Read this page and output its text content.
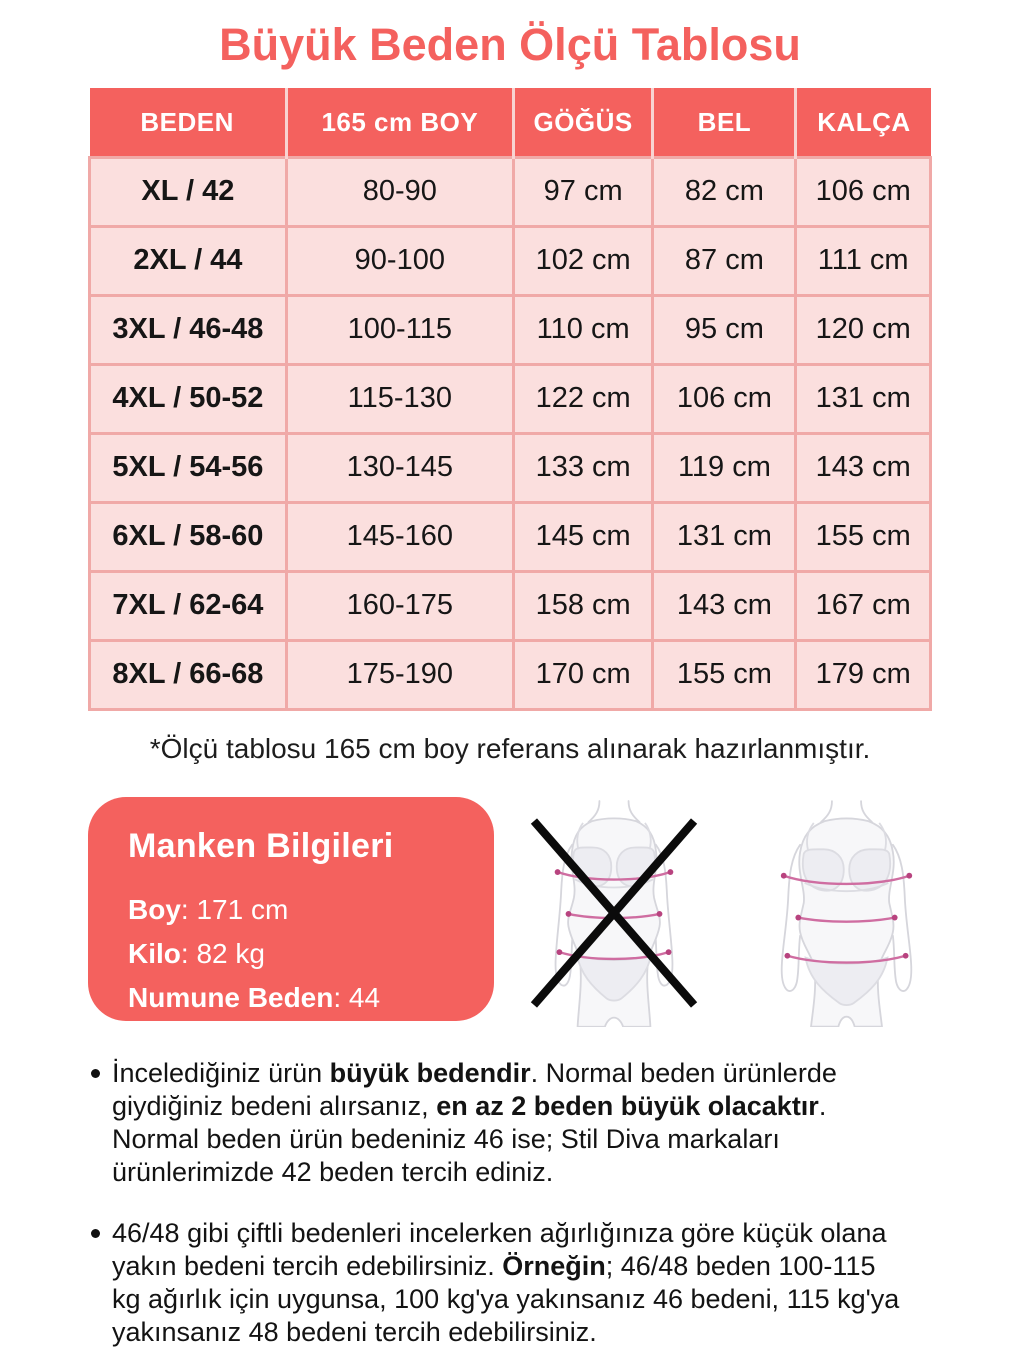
Büyük Beden Ölçü Tablosu
BEDEN	165 cm BOY	GÖĞÜS	BEL	KALÇA
XL / 42	80-90	97 cm	82 cm	106 cm
2XL / 44	90-100	102 cm	87 cm	111 cm
3XL / 46-48	100-115	110 cm	95 cm	120 cm
4XL / 50-52	115-130	122 cm	106 cm	131 cm
5XL / 54-56	130-145	133 cm	119 cm	143 cm
6XL / 58-60	145-160	145 cm	131 cm	155 cm
7XL / 62-64	160-175	158 cm	143 cm	167 cm
8XL / 66-68	175-190	170 cm	155 cm	179 cm

*Ölçü tablosu 165 cm boy referans alınarak hazırlanmıştır.

Manken Bilgileri
Boy: 171 cm
Kilo: 82 kg
Numune Beden: 44
İncelediğiniz ürün büyük bedendir. Normal beden ürünlerde giydiğiniz bedeni alırsanız, en az 2 beden büyük olacaktır. Normal beden ürün bedeniniz 46 ise; Stil Diva markaları ürünlerimizde 42 beden tercih ediniz.
46/48 gibi çiftli bedenleri incelerken ağırlığınıza göre küçük olana yakın bedeni tercih edebilirsiniz. Örneğin; 46/48 beden 100-115 kg ağırlık için uygunsa, 100 kg'ya yakınsanız 46 bedeni, 115 kg'ya yakınsanız 48 bedeni tercih edebilirsiniz.
